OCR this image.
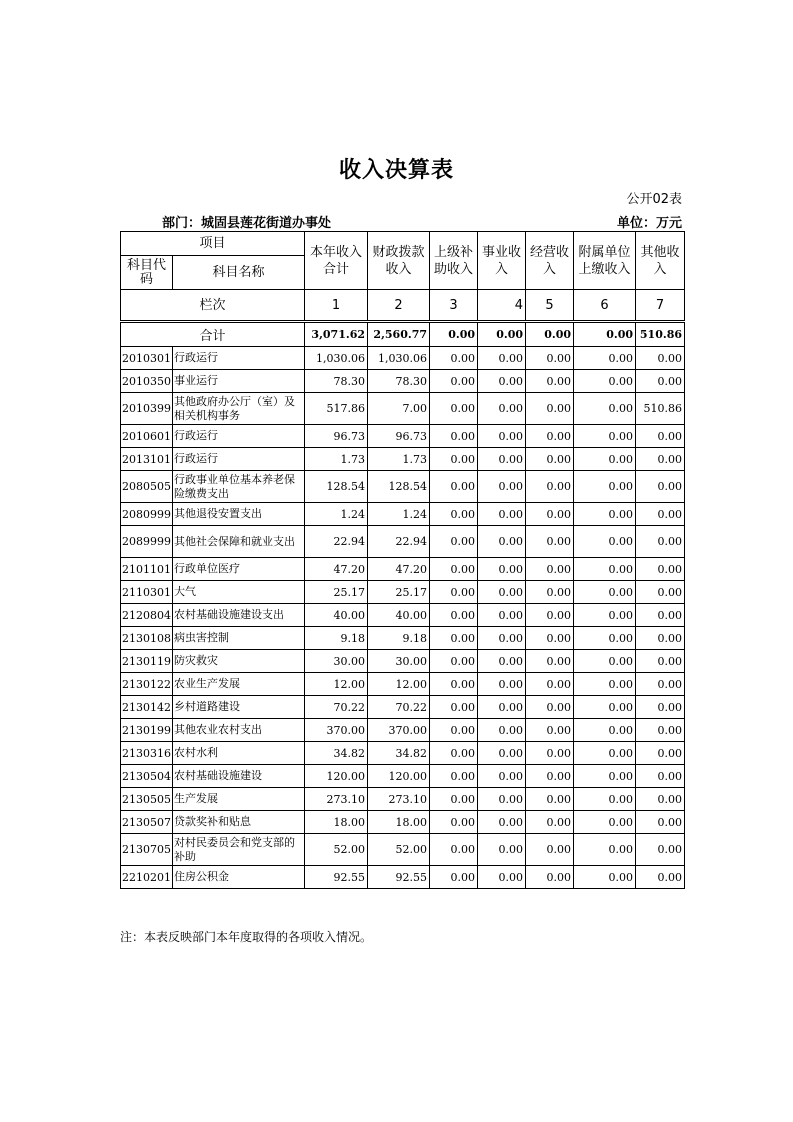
收入决算表
公开02表
部门：城固县莲花街道办事处	单位：万元
项目		本年收入合计	财政拨款收入	上级补助收入	事业收入	经营收入	附属单位上缴收入	其他收入
科目代码	科目名称							
栏次		1	2	3	4	5	6	7
合计		3,071.62	2,560.77	0.00	0.00	0.00	0.00	510.86
2010301	行政运行	1,030.06	1,030.06	0.00	0.00	0.00	0.00	0.00
2010350	事业运行	78.30	78.30	0.00	0.00	0.00	0.00	0.00
2010399	其他政府办公厅（室）及相关机构事务	517.86	7.00	0.00	0.00	0.00	0.00	510.86
2010601	行政运行	96.73	96.73	0.00	0.00	0.00	0.00	0.00
2013101	行政运行	1.73	1.73	0.00	0.00	0.00	0.00	0.00
2080505	行政事业单位基本养老保险缴费支出	128.54	128.54	0.00	0.00	0.00	0.00	0.00
2080999	其他退役安置支出	1.24	1.24	0.00	0.00	0.00	0.00	0.00
2089999	其他社会保障和就业支出	22.94	22.94	0.00	0.00	0.00	0.00	0.00
2101101	行政单位医疗	47.20	47.20	0.00	0.00	0.00	0.00	0.00
2110301	大气	25.17	25.17	0.00	0.00	0.00	0.00	0.00
2120804	农村基础设施建设支出	40.00	40.00	0.00	0.00	0.00	0.00	0.00
2130108	病虫害控制	9.18	9.18	0.00	0.00	0.00	0.00	0.00
2130119	防灾救灾	30.00	30.00	0.00	0.00	0.00	0.00	0.00
2130122	农业生产发展	12.00	12.00	0.00	0.00	0.00	0.00	0.00
2130142	乡村道路建设	70.22	70.22	0.00	0.00	0.00	0.00	0.00
2130199	其他农业农村支出	370.00	370.00	0.00	0.00	0.00	0.00	0.00
2130316	农村水利	34.82	34.82	0.00	0.00	0.00	0.00	0.00
2130504	农村基础设施建设	120.00	120.00	0.00	0.00	0.00	0.00	0.00
2130505	生产发展	273.10	273.10	0.00	0.00	0.00	0.00	0.00
2130507	贷款奖补和贴息	18.00	18.00	0.00	0.00	0.00	0.00	0.00
2130705	对村民委员会和党支部的补助	52.00	52.00	0.00	0.00	0.00	0.00	0.00
2210201	住房公积金	92.55	92.55	0.00	0.00	0.00	0.00	0.00
注：本表反映部门本年度取得的各项收入情况。
